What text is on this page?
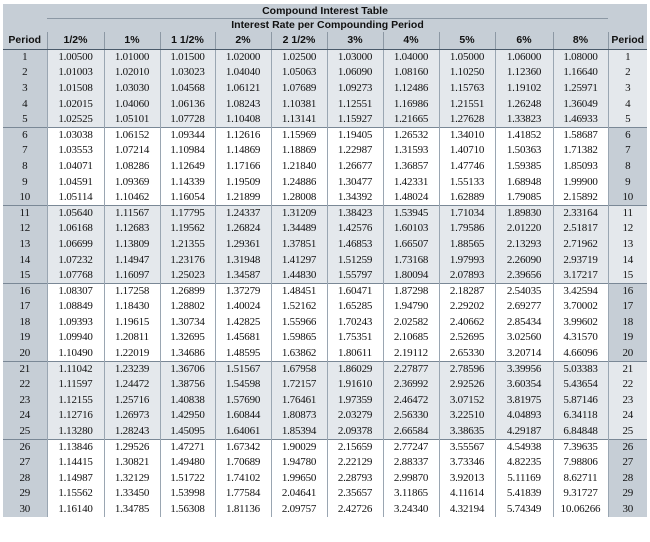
Compound Interest Table											
	Interest Rate per Compounding Period										
Period	1/2%	1%	1 1/2%	2%	2 1/2%	3%	4%	5%	6%	8%	Period
1	1.00500	1.01000	1.01500	1.02000	1.02500	1.03000	1.04000	1.05000	1.06000	1.08000	1
2	1.01003	1.02010	1.03023	1.04040	1.05063	1.06090	1.08160	1.10250	1.12360	1.16640	2
3	1.01508	1.03030	1.04568	1.06121	1.07689	1.09273	1.12486	1.15763	1.19102	1.25971	3
4	1.02015	1.04060	1.06136	1.08243	1.10381	1.12551	1.16986	1.21551	1.26248	1.36049	4
5	1.02525	1.05101	1.07728	1.10408	1.13141	1.15927	1.21665	1.27628	1.33823	1.46933	5
6	1.03038	1.06152	1.09344	1.12616	1.15969	1.19405	1.26532	1.34010	1.41852	1.58687	6
7	1.03553	1.07214	1.10984	1.14869	1.18869	1.22987	1.31593	1.40710	1.50363	1.71382	7
8	1.04071	1.08286	1.12649	1.17166	1.21840	1.26677	1.36857	1.47746	1.59385	1.85093	8
9	1.04591	1.09369	1.14339	1.19509	1.24886	1.30477	1.42331	1.55133	1.68948	1.99900	9
10	1.05114	1.10462	1.16054	1.21899	1.28008	1.34392	1.48024	1.62889	1.79085	2.15892	10
11	1.05640	1.11567	1.17795	1.24337	1.31209	1.38423	1.53945	1.71034	1.89830	2.33164	11
12	1.06168	1.12683	1.19562	1.26824	1.34489	1.42576	1.60103	1.79586	2.01220	2.51817	12
13	1.06699	1.13809	1.21355	1.29361	1.37851	1.46853	1.66507	1.88565	2.13293	2.71962	13
14	1.07232	1.14947	1.23176	1.31948	1.41297	1.51259	1.73168	1.97993	2.26090	2.93719	14
15	1.07768	1.16097	1.25023	1.34587	1.44830	1.55797	1.80094	2.07893	2.39656	3.17217	15
16	1.08307	1.17258	1.26899	1.37279	1.48451	1.60471	1.87298	2.18287	2.54035	3.42594	16
17	1.08849	1.18430	1.28802	1.40024	1.52162	1.65285	1.94790	2.29202	2.69277	3.70002	17
18	1.09393	1.19615	1.30734	1.42825	1.55966	1.70243	2.02582	2.40662	2.85434	3.99602	18
19	1.09940	1.20811	1.32695	1.45681	1.59865	1.75351	2.10685	2.52695	3.02560	4.31570	19
20	1.10490	1.22019	1.34686	1.48595	1.63862	1.80611	2.19112	2.65330	3.20714	4.66096	20
21	1.11042	1.23239	1.36706	1.51567	1.67958	1.86029	2.27877	2.78596	3.39956	5.03383	21
22	1.11597	1.24472	1.38756	1.54598	1.72157	1.91610	2.36992	2.92526	3.60354	5.43654	22
23	1.12155	1.25716	1.40838	1.57690	1.76461	1.97359	2.46472	3.07152	3.81975	5.87146	23
24	1.12716	1.26973	1.42950	1.60844	1.80873	2.03279	2.56330	3.22510	4.04893	6.34118	24
25	1.13280	1.28243	1.45095	1.64061	1.85394	2.09378	2.66584	3.38635	4.29187	6.84848	25
26	1.13846	1.29526	1.47271	1.67342	1.90029	2.15659	2.77247	3.55567	4.54938	7.39635	26
27	1.14415	1.30821	1.49480	1.70689	1.94780	2.22129	2.88337	3.73346	4.82235	7.98806	27
28	1.14987	1.32129	1.51722	1.74102	1.99650	2.28793	2.99870	3.92013	5.11169	8.62711	28
29	1.15562	1.33450	1.53998	1.77584	2.04641	2.35657	3.11865	4.11614	5.41839	9.31727	29
30	1.16140	1.34785	1.56308	1.81136	2.09757	2.42726	3.24340	4.32194	5.74349	10.06266	30
